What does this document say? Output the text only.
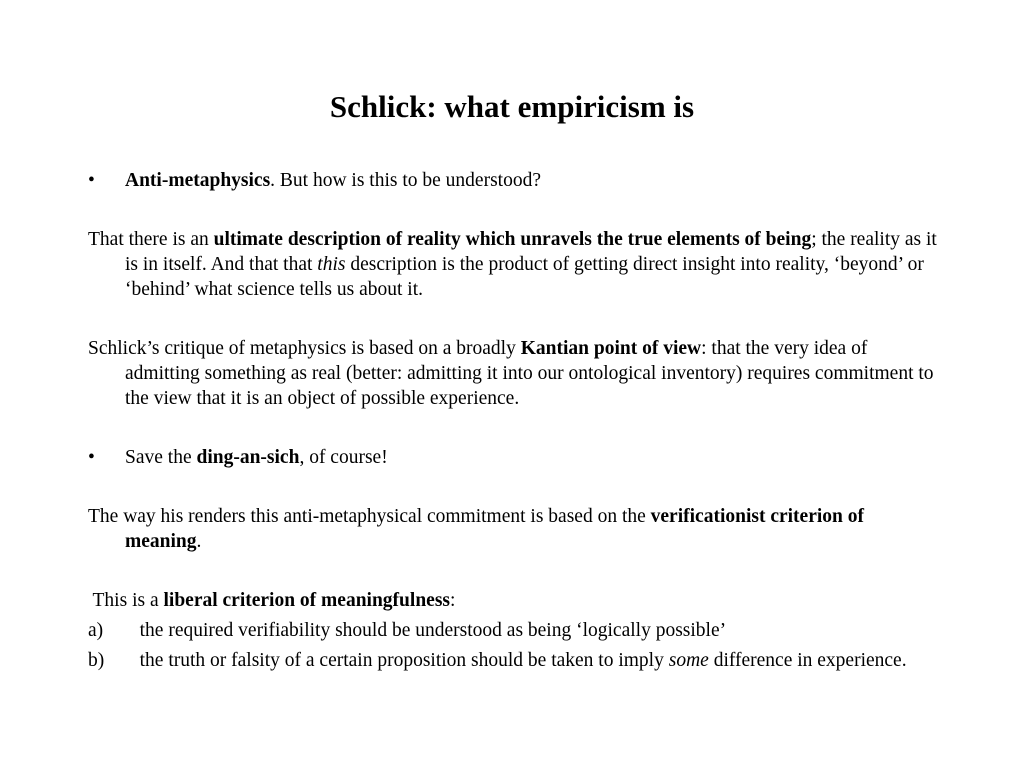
Schlick: what empiricism is
• Anti-metaphysics. But how is this to be understood?
That there is an ultimate description of reality which unravels the true elements of being; the reality as it is in itself. And that that this description is the product of getting direct insight into reality, ‘beyond’ or ‘behind’ what science tells us about it.
Schlick’s critique of metaphysics is based on a broadly Kantian point of view: that the very idea of admitting something as real (better: admitting it into our ontological inventory) requires commitment to the view that it is an object of possible experience.
• Save the ding-an-sich, of course!
The way his renders this anti-metaphysical commitment is based on the verificationist criterion of meaning.
This is a liberal criterion of meaningfulness:
a)	the required verifiability should be understood as being ‘logically possible’
b)	the truth or falsity of a certain proposition should be taken to imply some difference in experience.
